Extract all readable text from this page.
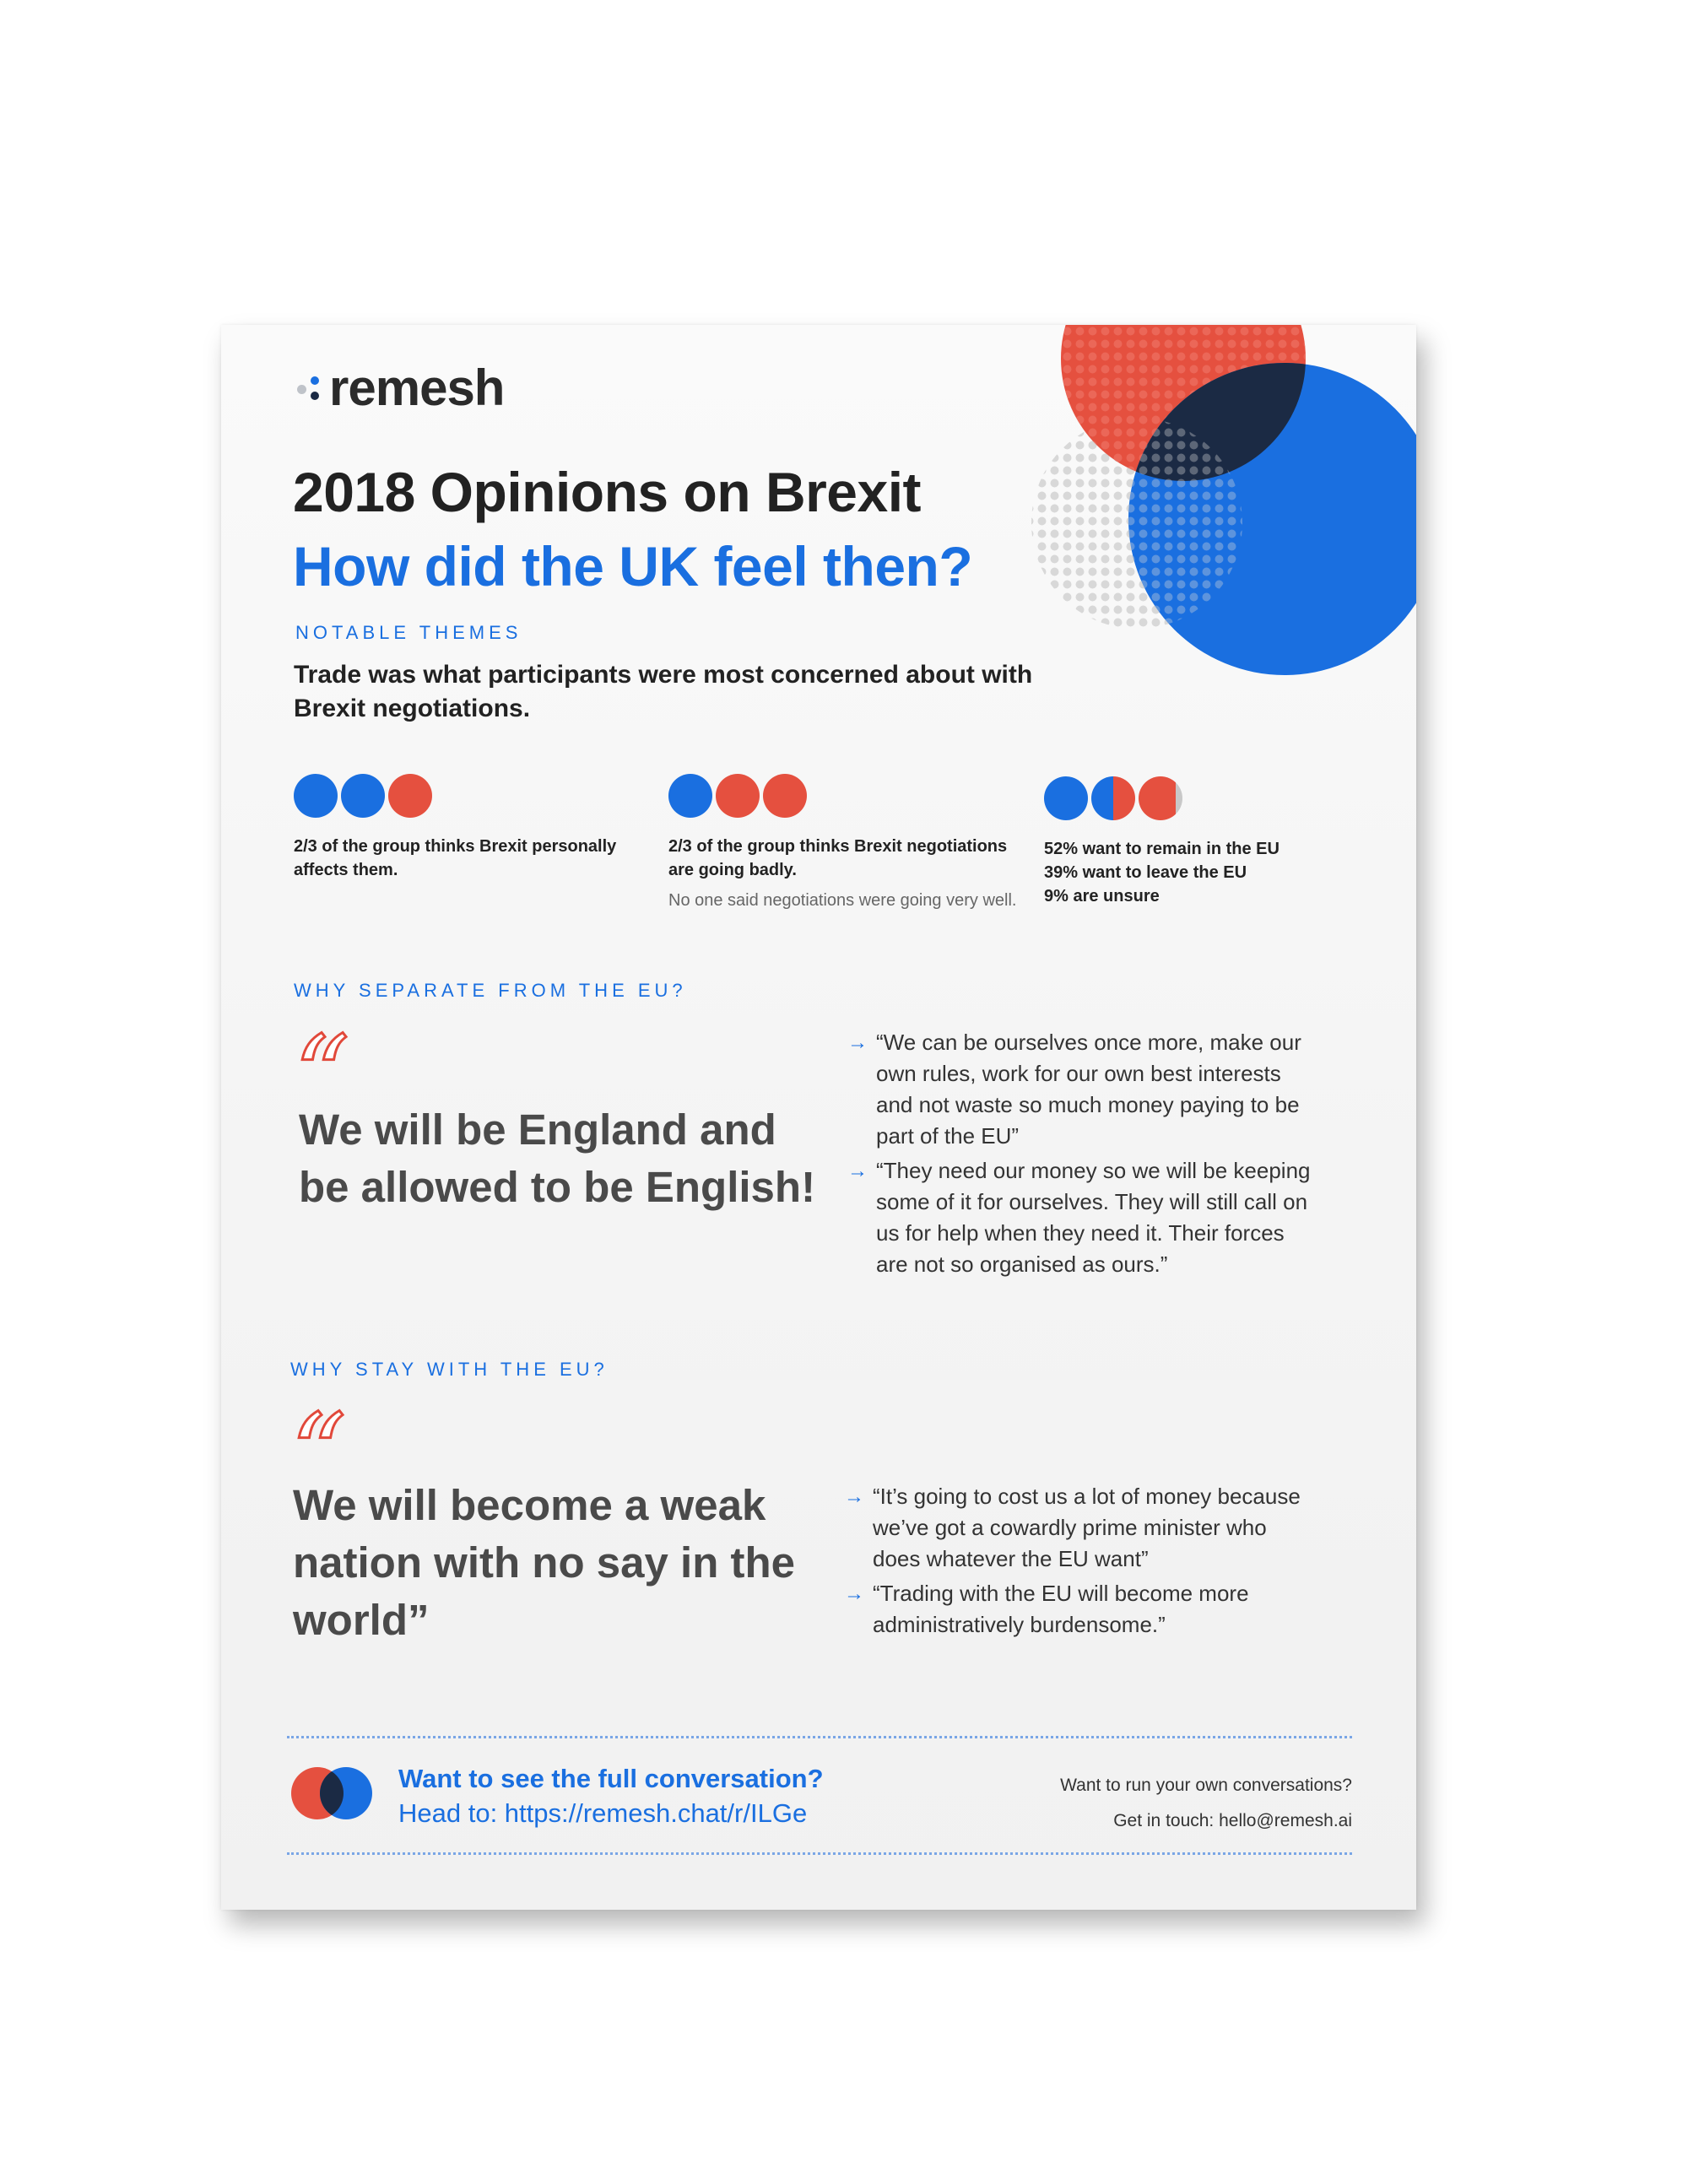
remesh
2018 Opinions on Brexit
How did the UK feel then?
NOTABLE THEMES
Trade was what participants were most concerned about with Brexit negotiations.
2/3 of the group thinks Brexit personally affects them.
2/3 of the group thinks Brexit negotiations are going badly.
No one said negotiations were going very well.
52% want to remain in the EU
39% want to leave the EU
9% are unsure
WHY SEPARATE FROM THE EU?
“
We will be England and be allowed to be English!
→ “We can be ourselves once more, make our own rules, work for our own best interests and not waste so much money paying to be part of the EU”
→ “They need our money so we will be keeping some of it for ourselves. They will still call on us for help when they need it. Their forces are not so organised as ours.”
WHY STAY WITH THE EU?
“
We will become a weak nation with no say in the world”
→ “It’s going to cost us a lot of money because we’ve got a cowardly prime minister who does whatever the EU want”
→ “Trading with the EU will become more administratively burdensome.”
Want to see the full conversation?
Head to: https://remesh.chat/r/ILGe
Want to run your own conversations?
Get in touch: hello@remesh.ai
